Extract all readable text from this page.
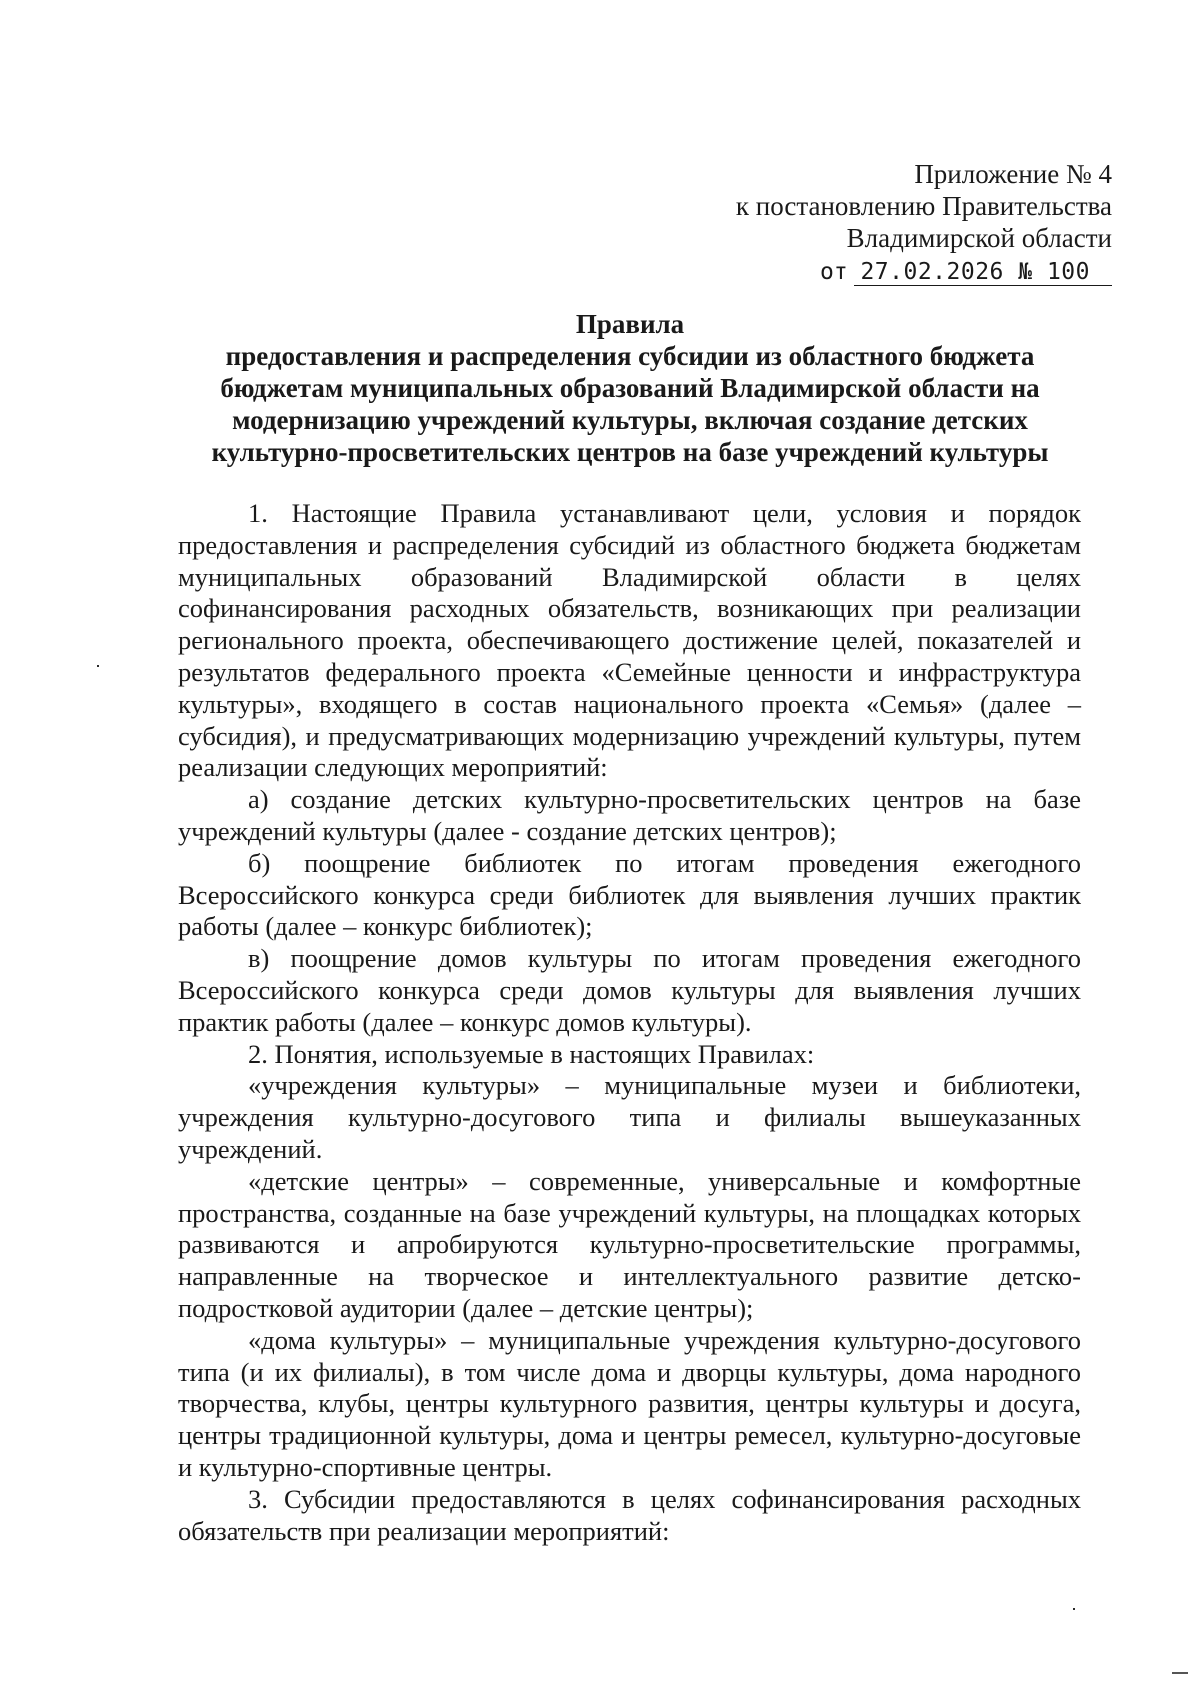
Приложение № 4
к постановлению Правительства
Владимирской области
от 27.02.2026 № 100
Правила
предоставления и распределения субсидии из областного бюджета
бюджетам муниципальных образований Владимирской области на
модернизацию учреждений культуры, включая создание детских
культурно-просветительских центров на базе учреждений культуры

1. Настоящие Правила устанавливают цели, условия и порядок предоставления и распределения субсидий из областного бюджета бюджетам муниципальных образований Владимирской области в целях софинансирования расходных обязательств, возникающих при реализации регионального проекта, обеспечивающего достижение целей, показателей и результатов федерального проекта «Семейные ценности и инфраструктура культуры», входящего в состав национального проекта «Семья» (далее – субсидия), и предусматривающих модернизацию учреждений культуры, путем реализации следующих мероприятий:

а) создание детских культурно-просветительских центров на базе учреждений культуры (далее - создание детских центров);

б) поощрение библиотек по итогам проведения ежегодного Всероссийского конкурса среди библиотек для выявления лучших практик работы (далее – конкурс библиотек);

в) поощрение домов культуры по итогам проведения ежегодного Всероссийского конкурса среди домов культуры для выявления лучших практик работы (далее – конкурс домов культуры).

2. Понятия, используемые в настоящих Правилах:

«учреждения культуры» – муниципальные музеи и библиотеки, учреждения культурно-досугового типа и филиалы вышеуказанных учреждений.

«детские центры» – современные, универсальные и комфортные пространства, созданные на базе учреждений культуры, на площадках которых развиваются и апробируются культурно-просветительские программы, направленные на творческое и интеллектуального развитие детско-подростковой аудитории (далее – детские центры);

«дома культуры» – муниципальные учреждения культурно-досугового типа (и их филиалы), в том числе дома и дворцы культуры, дома народного творчества, клубы, центры культурного развития, центры культуры и досуга, центры традиционной культуры, дома и центры ремесел, культурно-досуговые и культурно-спортивные центры.

3. Субсидии предоставляются в целях софинансирования расходных обязательств при реализации мероприятий:
